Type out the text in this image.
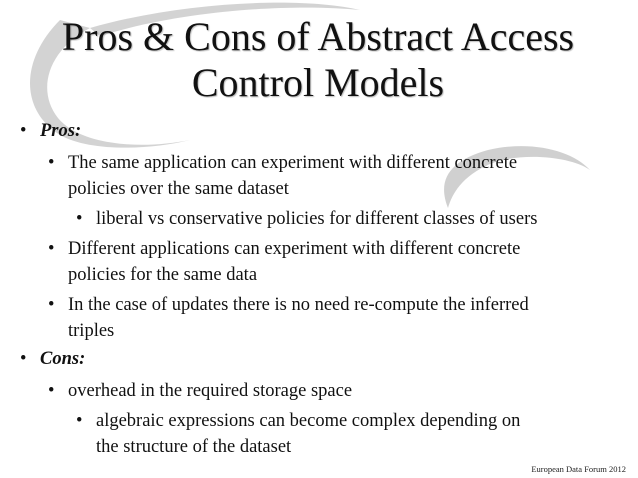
Pros & Cons of Abstract Access
Control Models
• Pros:
• The same application can experiment with different concrete
policies over the same dataset
• liberal vs conservative policies for different classes of users
• Different applications can experiment with different concrete
policies for the same data
• In the case of updates there is no need re-compute the inferred
triples
• Cons:
• overhead in the required storage space
• algebraic expressions can become complex depending on
the structure of the dataset
European Data Forum 2012
